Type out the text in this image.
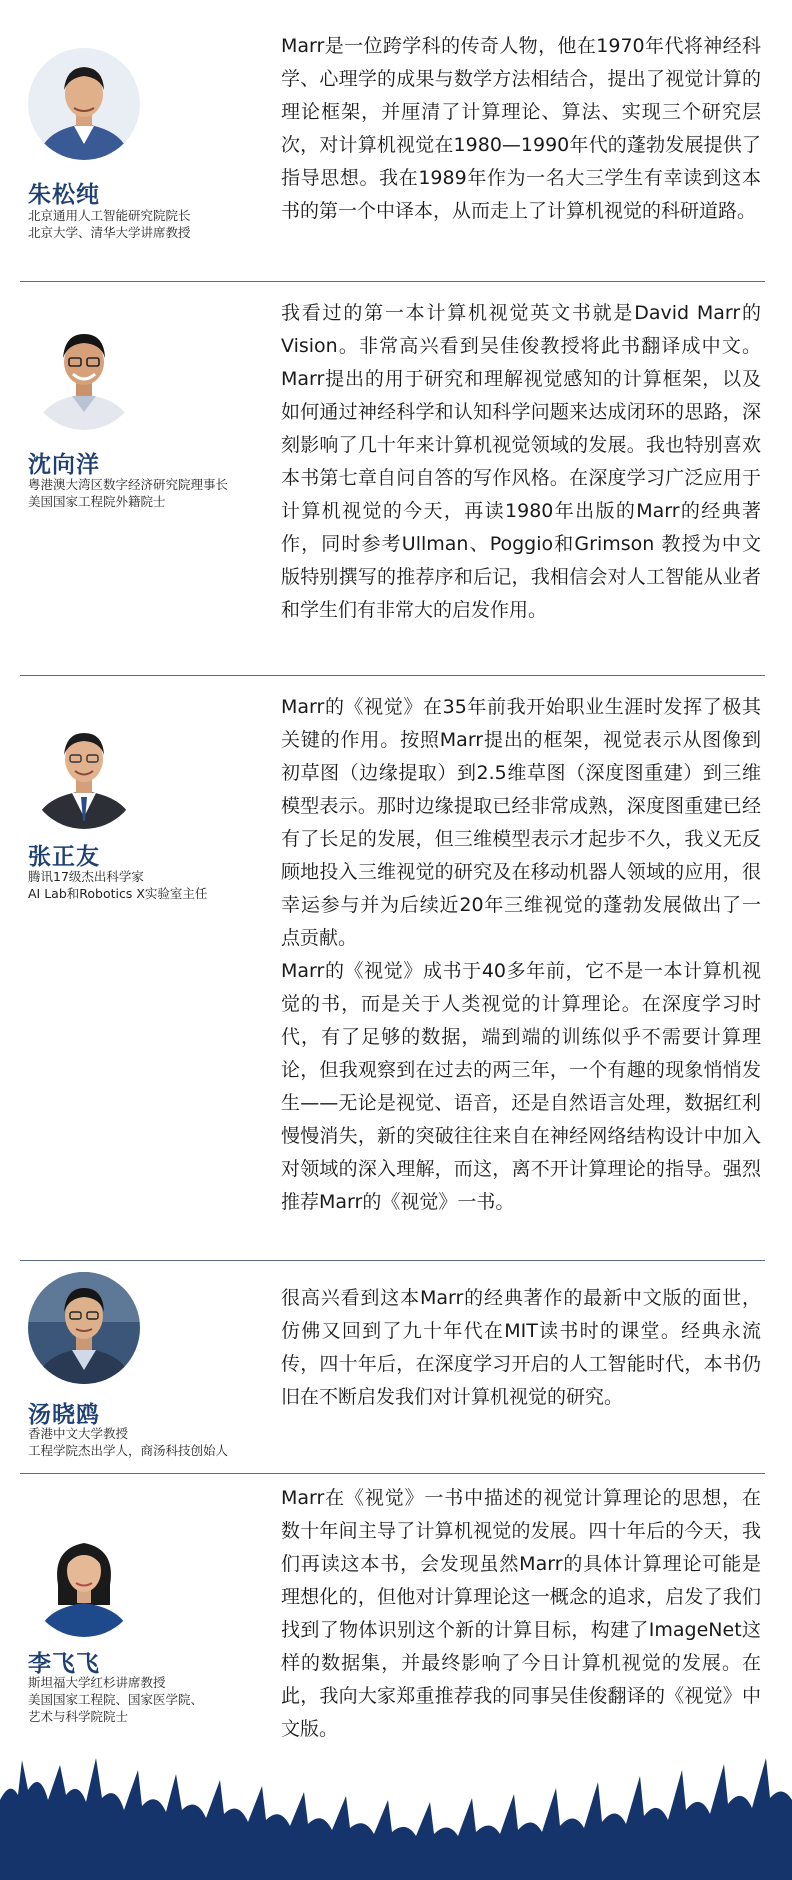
朱松纯
北京通用人工智能研究院院长
北京大学、清华大学讲席教授

Marr是一位跨学科的传奇人物，他在1970年代将神经科学、心理学的成果与数学方法相结合，提出了视觉计算的理论框架，并厘清了计算理论、算法、实现三个研究层次，对计算机视觉在1980—1990年代的蓬勃发展提供了指导思想。我在1989年作为一名大三学生有幸读到这本书的第一个中译本，从而走上了计算机视觉的科研道路。

沈向洋
粤港澳大湾区数字经济研究院理事长
美国国家工程院外籍院士

我看过的第一本计算机视觉英文书就是David Marr的Vision。非常高兴看到吴佳俊教授将此书翻译成中文。Marr提出的用于研究和理解视觉感知的计算框架，以及如何通过神经科学和认知科学问题来达成闭环的思路，深刻影响了几十年来计算机视觉领域的发展。我也特别喜欢本书第七章自问自答的写作风格。在深度学习广泛应用于计算机视觉的今天，再读1980年出版的Marr的经典著作，同时参考Ullman、Poggio和Grimson 教授为中文版特别撰写的推荐序和后记，我相信会对人工智能从业者和学生们有非常大的启发作用。

张正友
腾讯17级杰出科学家
AI Lab和Robotics X实验室主任

Marr的《视觉》在35年前我开始职业生涯时发挥了极其关键的作用。按照Marr提出的框架，视觉表示从图像到初草图（边缘提取）到2.5维草图（深度图重建）到三维模型表示。那时边缘提取已经非常成熟，深度图重建已经有了长足的发展，但三维模型表示才起步不久，我义无反顾地投入三维视觉的研究及在移动机器人领域的应用，很幸运参与并为后续近20年三维视觉的蓬勃发展做出了一点贡献。

Marr的《视觉》成书于40多年前，它不是一本计算机视觉的书，而是关于人类视觉的计算理论。在深度学习时代，有了足够的数据，端到端的训练似乎不需要计算理论，但我观察到在过去的两三年，一个有趣的现象悄悄发生——无论是视觉、语音，还是自然语言处理，数据红利慢慢消失，新的突破往往来自在神经网络结构设计中加入对领域的深入理解，而这，离不开计算理论的指导。强烈推荐Marr的《视觉》一书。

汤晓鸥
香港中文大学教授
工程学院杰出学人，商汤科技创始人

很高兴看到这本Marr的经典著作的最新中文版的面世，仿佛又回到了九十年代在MIT读书时的课堂。经典永流传，四十年后，在深度学习开启的人工智能时代，本书仍旧在不断启发我们对计算机视觉的研究。

李飞飞
斯坦福大学红杉讲席教授
美国国家工程院、国家医学院、
艺术与科学院院士

Marr在《视觉》一书中描述的视觉计算理论的思想，在数十年间主导了计算机视觉的发展。四十年后的今天，我们再读这本书，会发现虽然Marr的具体计算理论可能是理想化的，但他对计算理论这一概念的追求，启发了我们找到了物体识别这个新的计算目标，构建了ImageNet这样的数据集，并最终影响了今日计算机视觉的发展。在此，我向大家郑重推荐我的同事吴佳俊翻译的《视觉》中文版。
